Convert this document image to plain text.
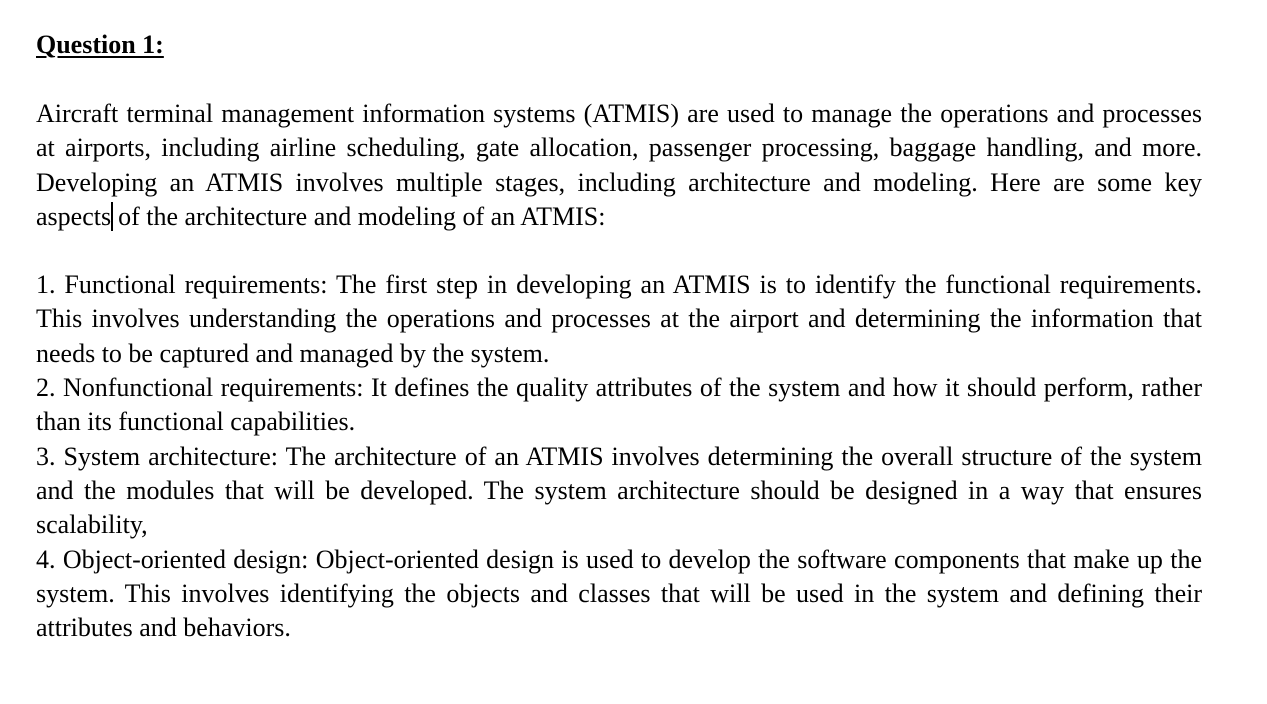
Question 1:

Aircraft terminal management information systems (ATMIS) are used to manage the operations and processes at airports, including airline scheduling, gate allocation, passenger processing, baggage handling, and more. Developing an ATMIS involves multiple stages, including architecture and modeling. Here are some key aspects of the architecture and modeling of an ATMIS:

1. Functional requirements: The first step in developing an ATMIS is to identify the functional requirements. This involves understanding the operations and processes at the airport and determining the information that needs to be captured and managed by the system.

2. Nonfunctional requirements: It defines the quality attributes of the system and how it should perform, rather than its functional capabilities.

3. System architecture: The architecture of an ATMIS involves determining the overall structure of the system and the modules that will be developed. The system architecture should be designed in a way that ensures scalability,

4. Object-oriented design: Object-oriented design is used to develop the software components that make up the system. This involves identifying the objects and classes that will be used in the system and defining their attributes and behaviors.
